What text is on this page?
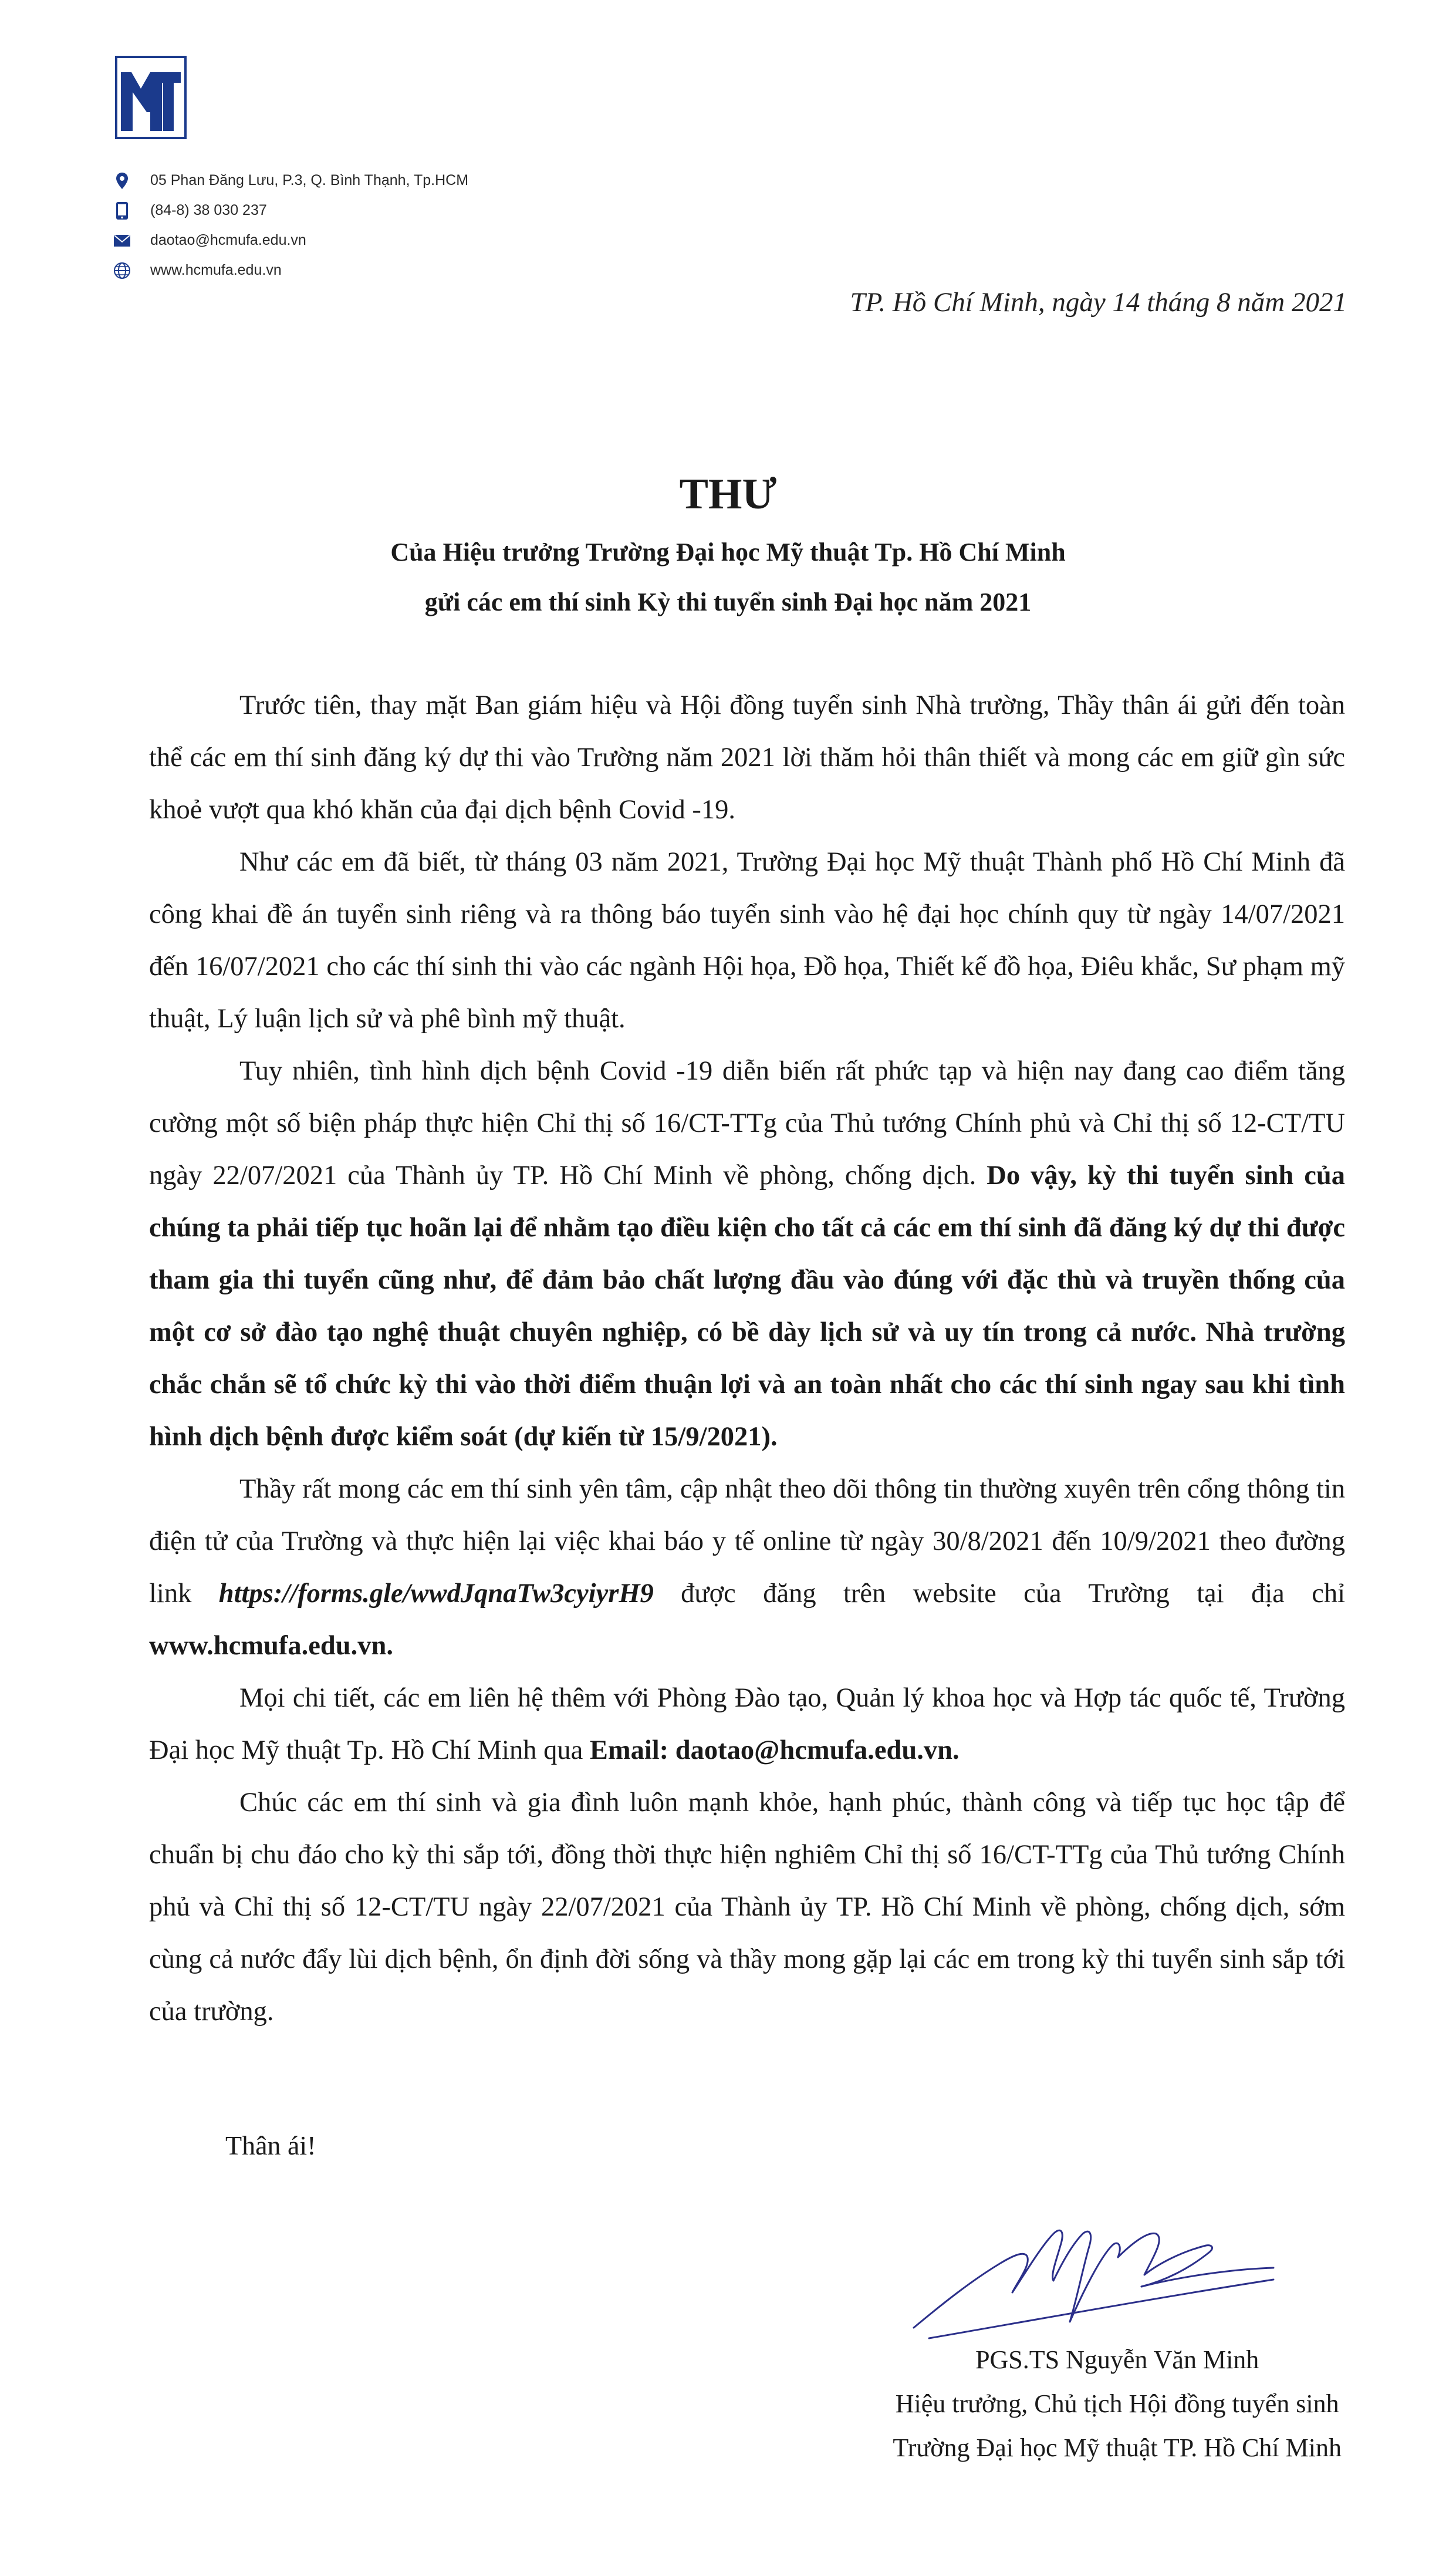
05 Phan Đăng Lưu, P.3, Q. Bình Thạnh, Tp.HCM
(84-8) 38 030 237
daotao@hcmufa.edu.vn
www.hcmufa.edu.vn
TP. Hồ Chí Minh, ngày 14 tháng 8 năm 2021
THƯ
Của Hiệu trưởng Trường Đại học Mỹ thuật Tp. Hồ Chí Minh
gửi các em thí sinh Kỳ thi tuyển sinh Đại học năm 2021

Trước tiên, thay mặt Ban giám hiệu và Hội đồng tuyển sinh Nhà trường, Thầy thân ái gửi đến toàn thể các em thí sinh đăng ký dự thi vào Trường năm 2021 lời thăm hỏi thân thiết và mong các em giữ gìn sức khoẻ vượt qua khó khăn của đại dịch bệnh Covid -19.

Như các em đã biết, từ tháng 03 năm 2021, Trường Đại học Mỹ thuật Thành phố Hồ Chí Minh đã công khai đề án tuyển sinh riêng và ra thông báo tuyển sinh vào hệ đại học chính quy từ ngày 14/07/2021 đến 16/07/2021 cho các thí sinh thi vào các ngành Hội họa, Đồ họa, Thiết kế đồ họa, Điêu khắc, Sư phạm mỹ thuật, Lý luận lịch sử và phê bình mỹ thuật.

Tuy nhiên, tình hình dịch bệnh Covid -19 diễn biến rất phức tạp và hiện nay đang cao điểm tăng cường một số biện pháp thực hiện Chỉ thị số 16/CT-TTg của Thủ tướng Chính phủ và Chỉ thị số 12-CT/TU ngày 22/07/2021 của Thành ủy TP. Hồ Chí Minh về phòng, chống dịch. Do vậy, kỳ thi tuyển sinh của chúng ta phải tiếp tục hoãn lại để nhằm tạo điều kiện cho tất cả các em thí sinh đã đăng ký dự thi được tham gia thi tuyển cũng như, để đảm bảo chất lượng đầu vào đúng với đặc thù và truyền thống của một cơ sở đào tạo nghệ thuật chuyên nghiệp, có bề dày lịch sử và uy tín trong cả nước. Nhà trường chắc chắn sẽ tổ chức kỳ thi vào thời điểm thuận lợi và an toàn nhất cho các thí sinh ngay sau khi tình hình dịch bệnh được kiểm soát (dự kiến từ 15/9/2021).

Thầy rất mong các em thí sinh yên tâm, cập nhật theo dõi thông tin thường xuyên trên cổng thông tin điện tử của Trường và thực hiện lại việc khai báo y tế online từ ngày 30/8/2021 đến 10/9/2021 theo đường link https://forms.gle/wwdJqnaTw3cyiyrH9 được đăng trên website của Trường tại địa chỉ www.hcmufa.edu.vn.

Mọi chi tiết, các em liên hệ thêm với Phòng Đào tạo, Quản lý khoa học và Hợp tác quốc tế, Trường Đại học Mỹ thuật Tp. Hồ Chí Minh qua Email: daotao@hcmufa.edu.vn.

Chúc các em thí sinh và gia đình luôn mạnh khỏe, hạnh phúc, thành công và tiếp tục học tập để chuẩn bị chu đáo cho kỳ thi sắp tới, đồng thời thực hiện nghiêm Chỉ thị số 16/CT-TTg của Thủ tướng Chính phủ và Chỉ thị số 12-CT/TU ngày 22/07/2021 của Thành ủy TP. Hồ Chí Minh về phòng, chống dịch, sớm cùng cả nước đẩy lùi dịch bệnh, ổn định đời sống và thầy mong gặp lại các em trong kỳ thi tuyển sinh sắp tới của trường.

Thân ái!
PGS.TS Nguyễn Văn Minh
Hiệu trưởng, Chủ tịch Hội đồng tuyển sinh
Trường Đại học Mỹ thuật TP. Hồ Chí Minh
